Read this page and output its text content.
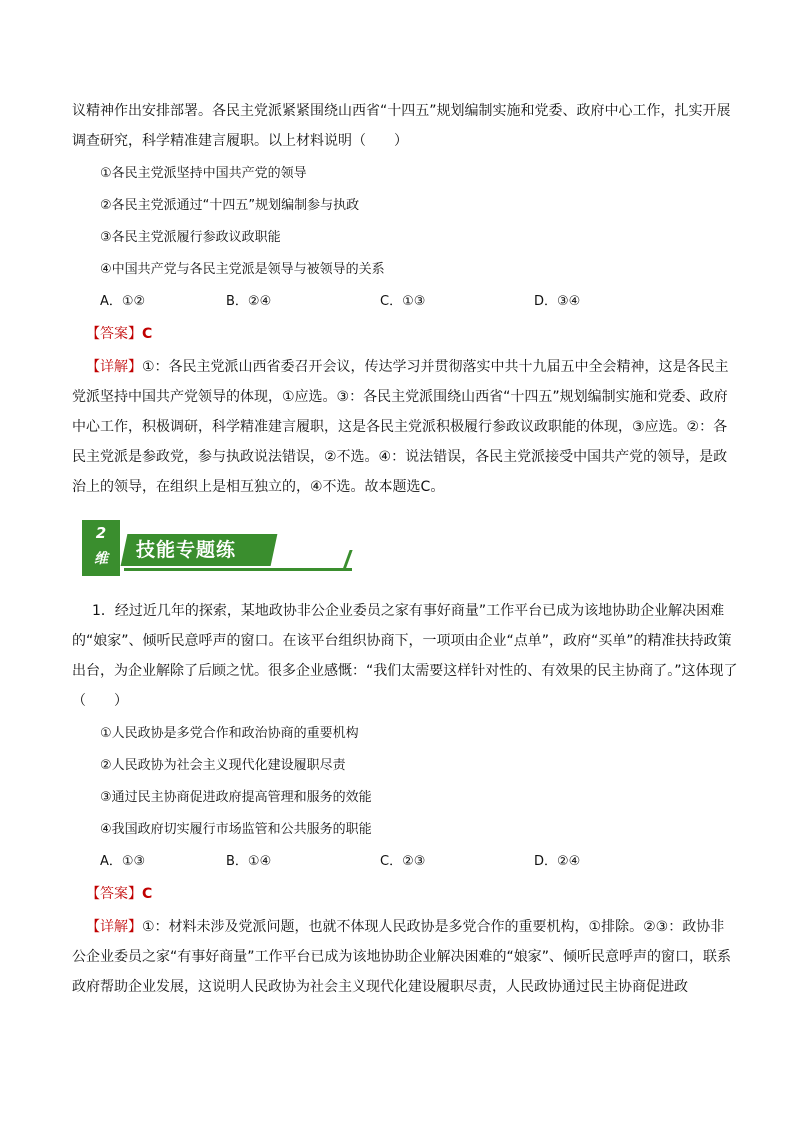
议精神作出安排部署。各民主党派紧紧围绕山西省“十四五”规划编制实施和党委、政府中心工作，扎实开展调查研究，科学精准建言履职。以上材料说明（　　）
①各民主党派坚持中国共产党的领导
②各民主党派通过“十四五”规划编制参与执政
③各民主党派履行参政议政职能
④中国共产党与各民主党派是领导与被领导的关系
A．①②	B．②④	C．①③	D．③④
【答案】C
【详解】①：各民主党派山西省委召开会议，传达学习并贯彻落实中共十九届五中全会精神，这是各民主党派坚持中国共产党领导的体现，①应选。③：各民主党派围绕山西省“十四五”规划编制实施和党委、政府中心工作，积极调研，科学精准建言履职，这是各民主党派积极履行参政议政职能的体现，③应选。②：各民主党派是参政党，参与执政说法错误，②不选。④：说法错误，各民主党派接受中国共产党的领导，是政治上的领导，在组织上是相互独立的，④不选。故本题选C。
2
维	技能专题练
1．经过近几年的探索，某地政协非公企业委员之家有事好商量”工作平台已成为该地协助企业解决困难的“娘家”、倾听民意呼声的窗口。在该平台组织协商下，一项项由企业“点单”，政府“买单”的精准扶持政策出台，为企业解除了后顾之忧。很多企业感慨：“我们太需要这样针对性的、有效果的民主协商了。”这体现了（　　）
①人民政协是多党合作和政治协商的重要机构
②人民政协为社会主义现代化建设履职尽责
③通过民主协商促进政府提高管理和服务的效能
④我国政府切实履行市场监管和公共服务的职能
A．①③	B．①④	C．②③	D．②④
【答案】C
【详解】①：材料未涉及党派问题，也就不体现人民政协是多党合作的重要机构，①排除。②③：政协非公企业委员之家“有事好商量”工作平台已成为该地协助企业解决困难的“娘家”、倾听民意呼声的窗口，联系政府帮助企业发展，这说明人民政协为社会主义现代化建设履职尽责，人民政协通过民主协商促进政
